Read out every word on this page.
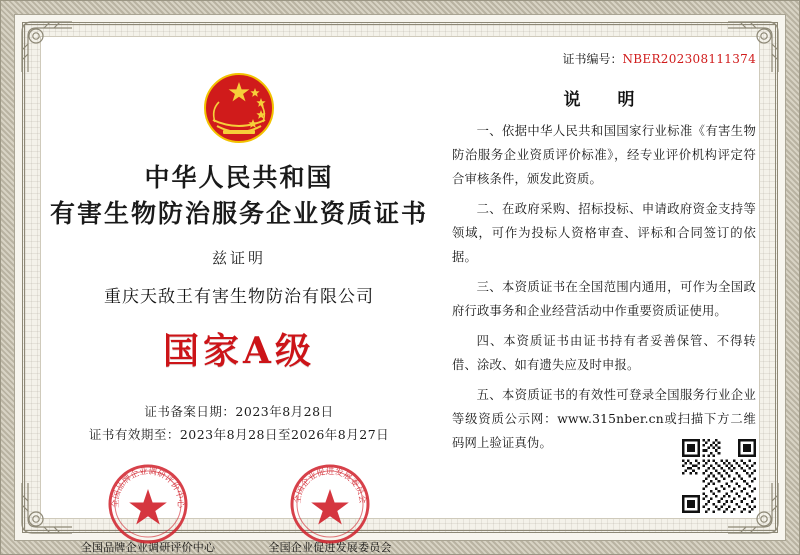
中华人民共和国
有害生物防治服务企业资质证书
兹证明
重庆天敌王有害生物防治有限公司
国家A级
证书备案日期：2023年8月28日
证书有效期至：2023年8月28日至2026年8月27日
全国品牌企业调研评价中心
全国品牌企业调研评价中心
全国企业促进发展委员会
全国企业促进发展委员会
证书编号：NBER202308111374
说　明
一、依据中华人民共和国国家行业标准《有害生物防治服务企业资质评价标准》，经专业评价机构评定符合审核条件，颁发此资质。
二、在政府采购、招标投标、申请政府资金支持等领域，可作为投标人资格审查、评标和合同签订的依据。
三、本资质证书在全国范围内通用，可作为全国政府行政事务和企业经营活动中作重要资质证使用。
四、本资质证书由证书持有者妥善保管、不得转借、涂改、如有遗失应及时申报。
五、本资质证书的有效性可登录全国服务行业企业等级资质公示网：www.315nber.cn或扫描下方二维码网上验证真伪。
